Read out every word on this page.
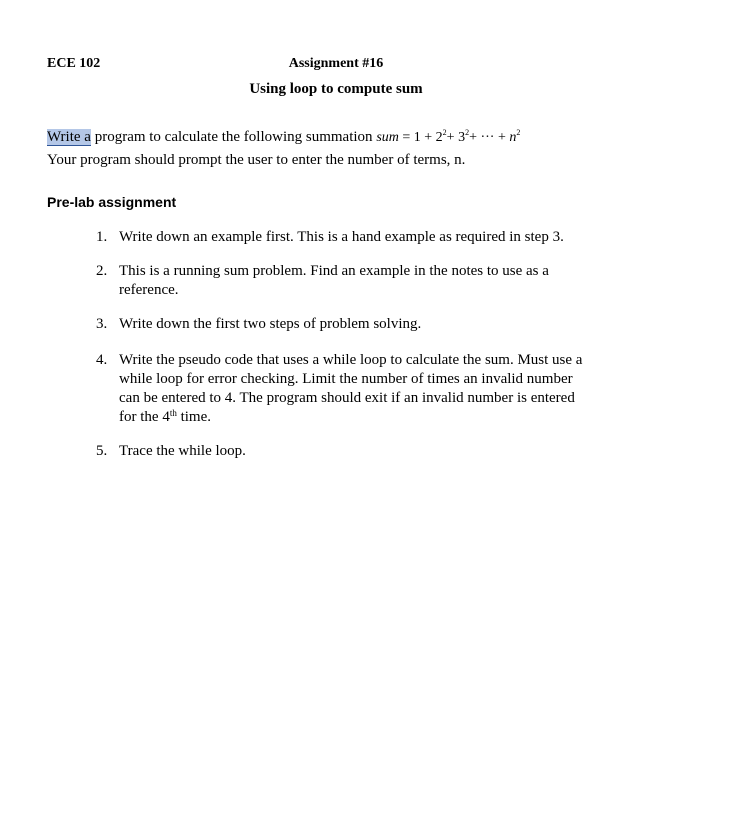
ECE 102	Assignment #16
Using loop to compute sum
Write a program to calculate the following summation sum = $1 + 2^2+ 3^2+$ ··· + $n^2$
Your program should prompt the user to enter the number of terms, n.
Pre-lab assignment
1. Write down an example first. This is a hand example as required in step 3.
2. This is a running sum problem. Find an example in the notes to use as a reference.
3. Write down the first two steps of problem solving.
4. Write the pseudo code that uses a while loop to calculate the sum. Must use a while loop for error checking. Limit the number of times an invalid number can be entered to 4. The program should exit if an invalid number is entered for the 4th time.
5. Trace the while loop.
